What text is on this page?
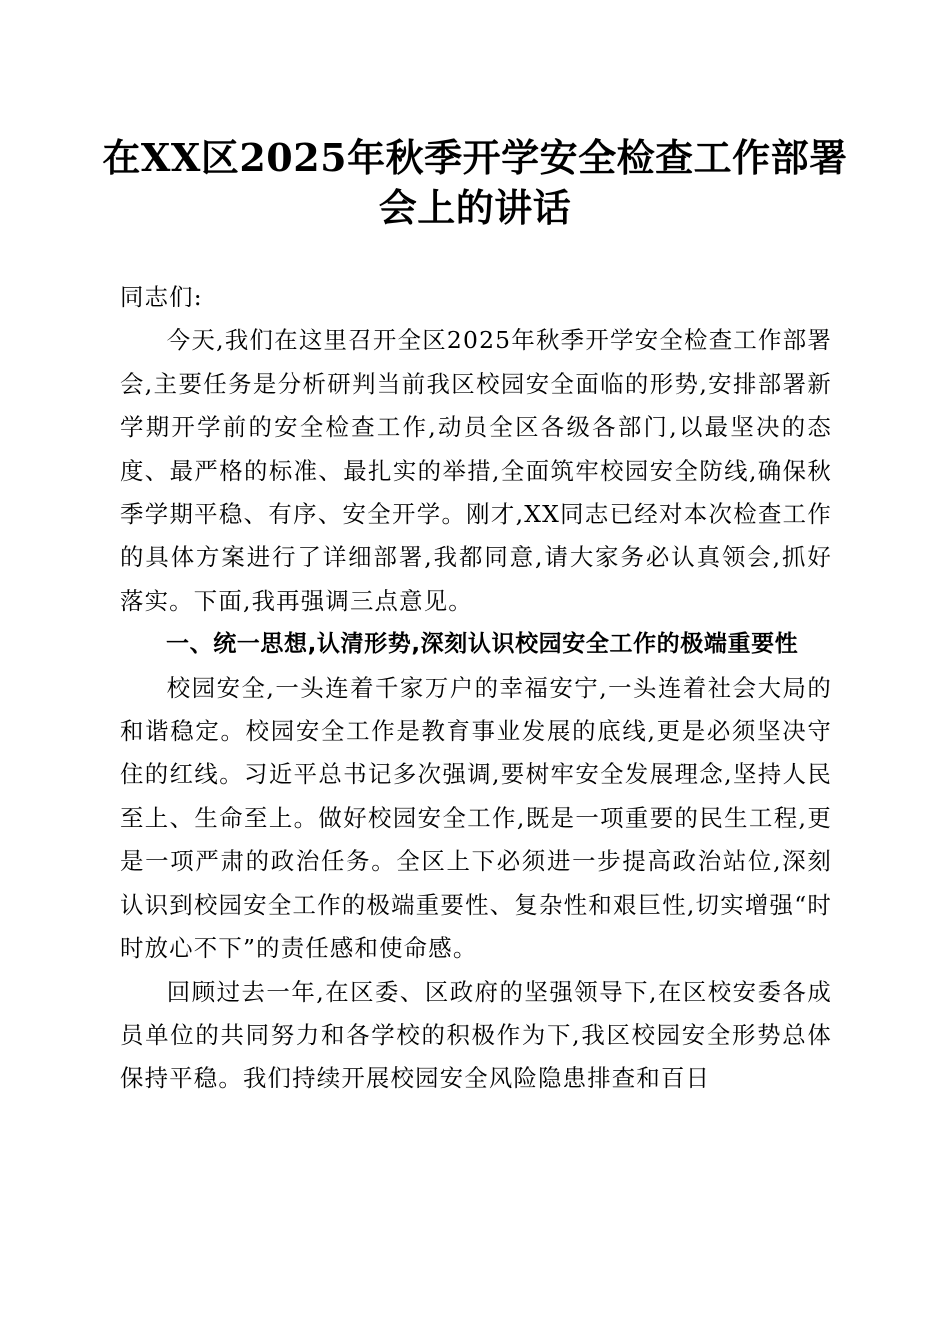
在XX区2025年秋季开学安全检查工作部署
会上的讲话

同志们:

今天,我们在这里召开全区2025年秋季开学安全检查工作部署会,主要任务是分析研判当前我区校园安全面临的形势,安排部署新学期开学前的安全检查工作,动员全区各级各部门,以最坚决的态度、最严格的标准、最扎实的举措,全面筑牢校园安全防线,确保秋季学期平稳、有序、安全开学。刚才,XX同志已经对本次检查工作的具体方案进行了详细部署,我都同意,请大家务必认真领会,抓好落实。下面,我再强调三点意见。

一、统一思想,认清形势,深刻认识校园安全工作的极端重要性

校园安全,一头连着千家万户的幸福安宁,一头连着社会大局的和谐稳定。校园安全工作是教育事业发展的底线,更是必须坚决守住的红线。习近平总书记多次强调,要树牢安全发展理念,坚持人民至上、生命至上。做好校园安全工作,既是一项重要的民生工程,更是一项严肃的政治任务。全区上下必须进一步提高政治站位,深刻认识到校园安全工作的极端重要性、复杂性和艰巨性,切实增强“时时放心不下”的责任感和使命感。

回顾过去一年,在区委、区政府的坚强领导下,在区校安委各成员单位的共同努力和各学校的积极作为下,我区校园安全形势总体保持平稳。我们持续开展校园安全风险隐患排查和百日
